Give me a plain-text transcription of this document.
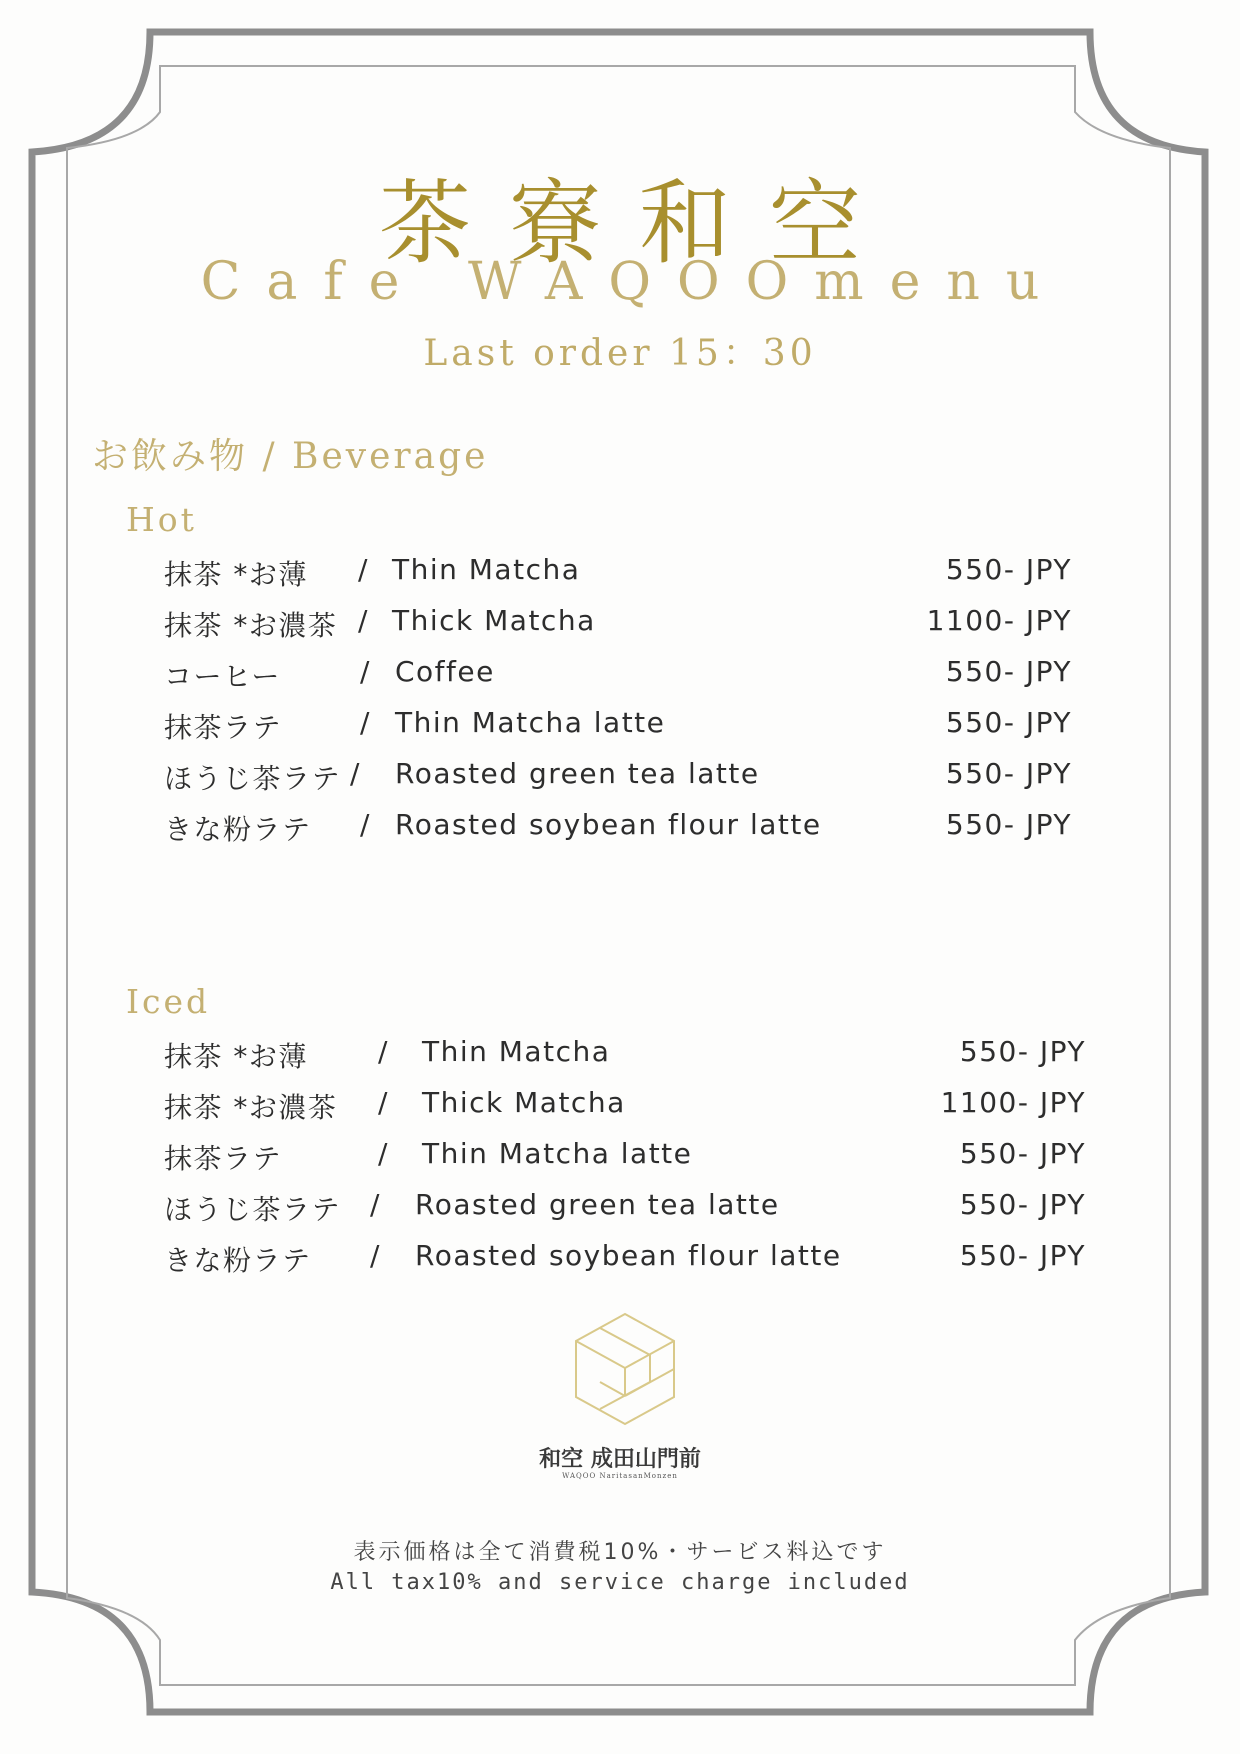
茶寮和空
Cafe WAQOOmenu
Last order 15：30
お飲み物 / Beverage
Hot
抹茶 *お薄 / Thin Matcha	550- JPY
抹茶 *お濃茶 / Thick Matcha	1100- JPY
コーヒー	/ Coffee	550- JPY
抹茶ラテ	/ Thin Matcha latte	550- JPY
ほうじ茶ラテ / Roasted green tea latte	550- JPY
きな粉ラテ / Roasted soybean flour latte	550- JPY
Iced
抹茶 *お薄	/ Thin Matcha	550- JPY
抹茶 *お濃茶 / Thick Matcha	1100- JPY
抹茶ラテ	/ Thin Matcha latte	550- JPY
ほうじ茶ラテ / Roasted green tea latte	550- JPY
きな粉ラテ / Roasted soybean flour latte	550- JPY
和空 成田山門前
WAQOO NaritasanMonzen
表示価格は全て消費税10%・サービス料込です
All tax10% and service charge included
